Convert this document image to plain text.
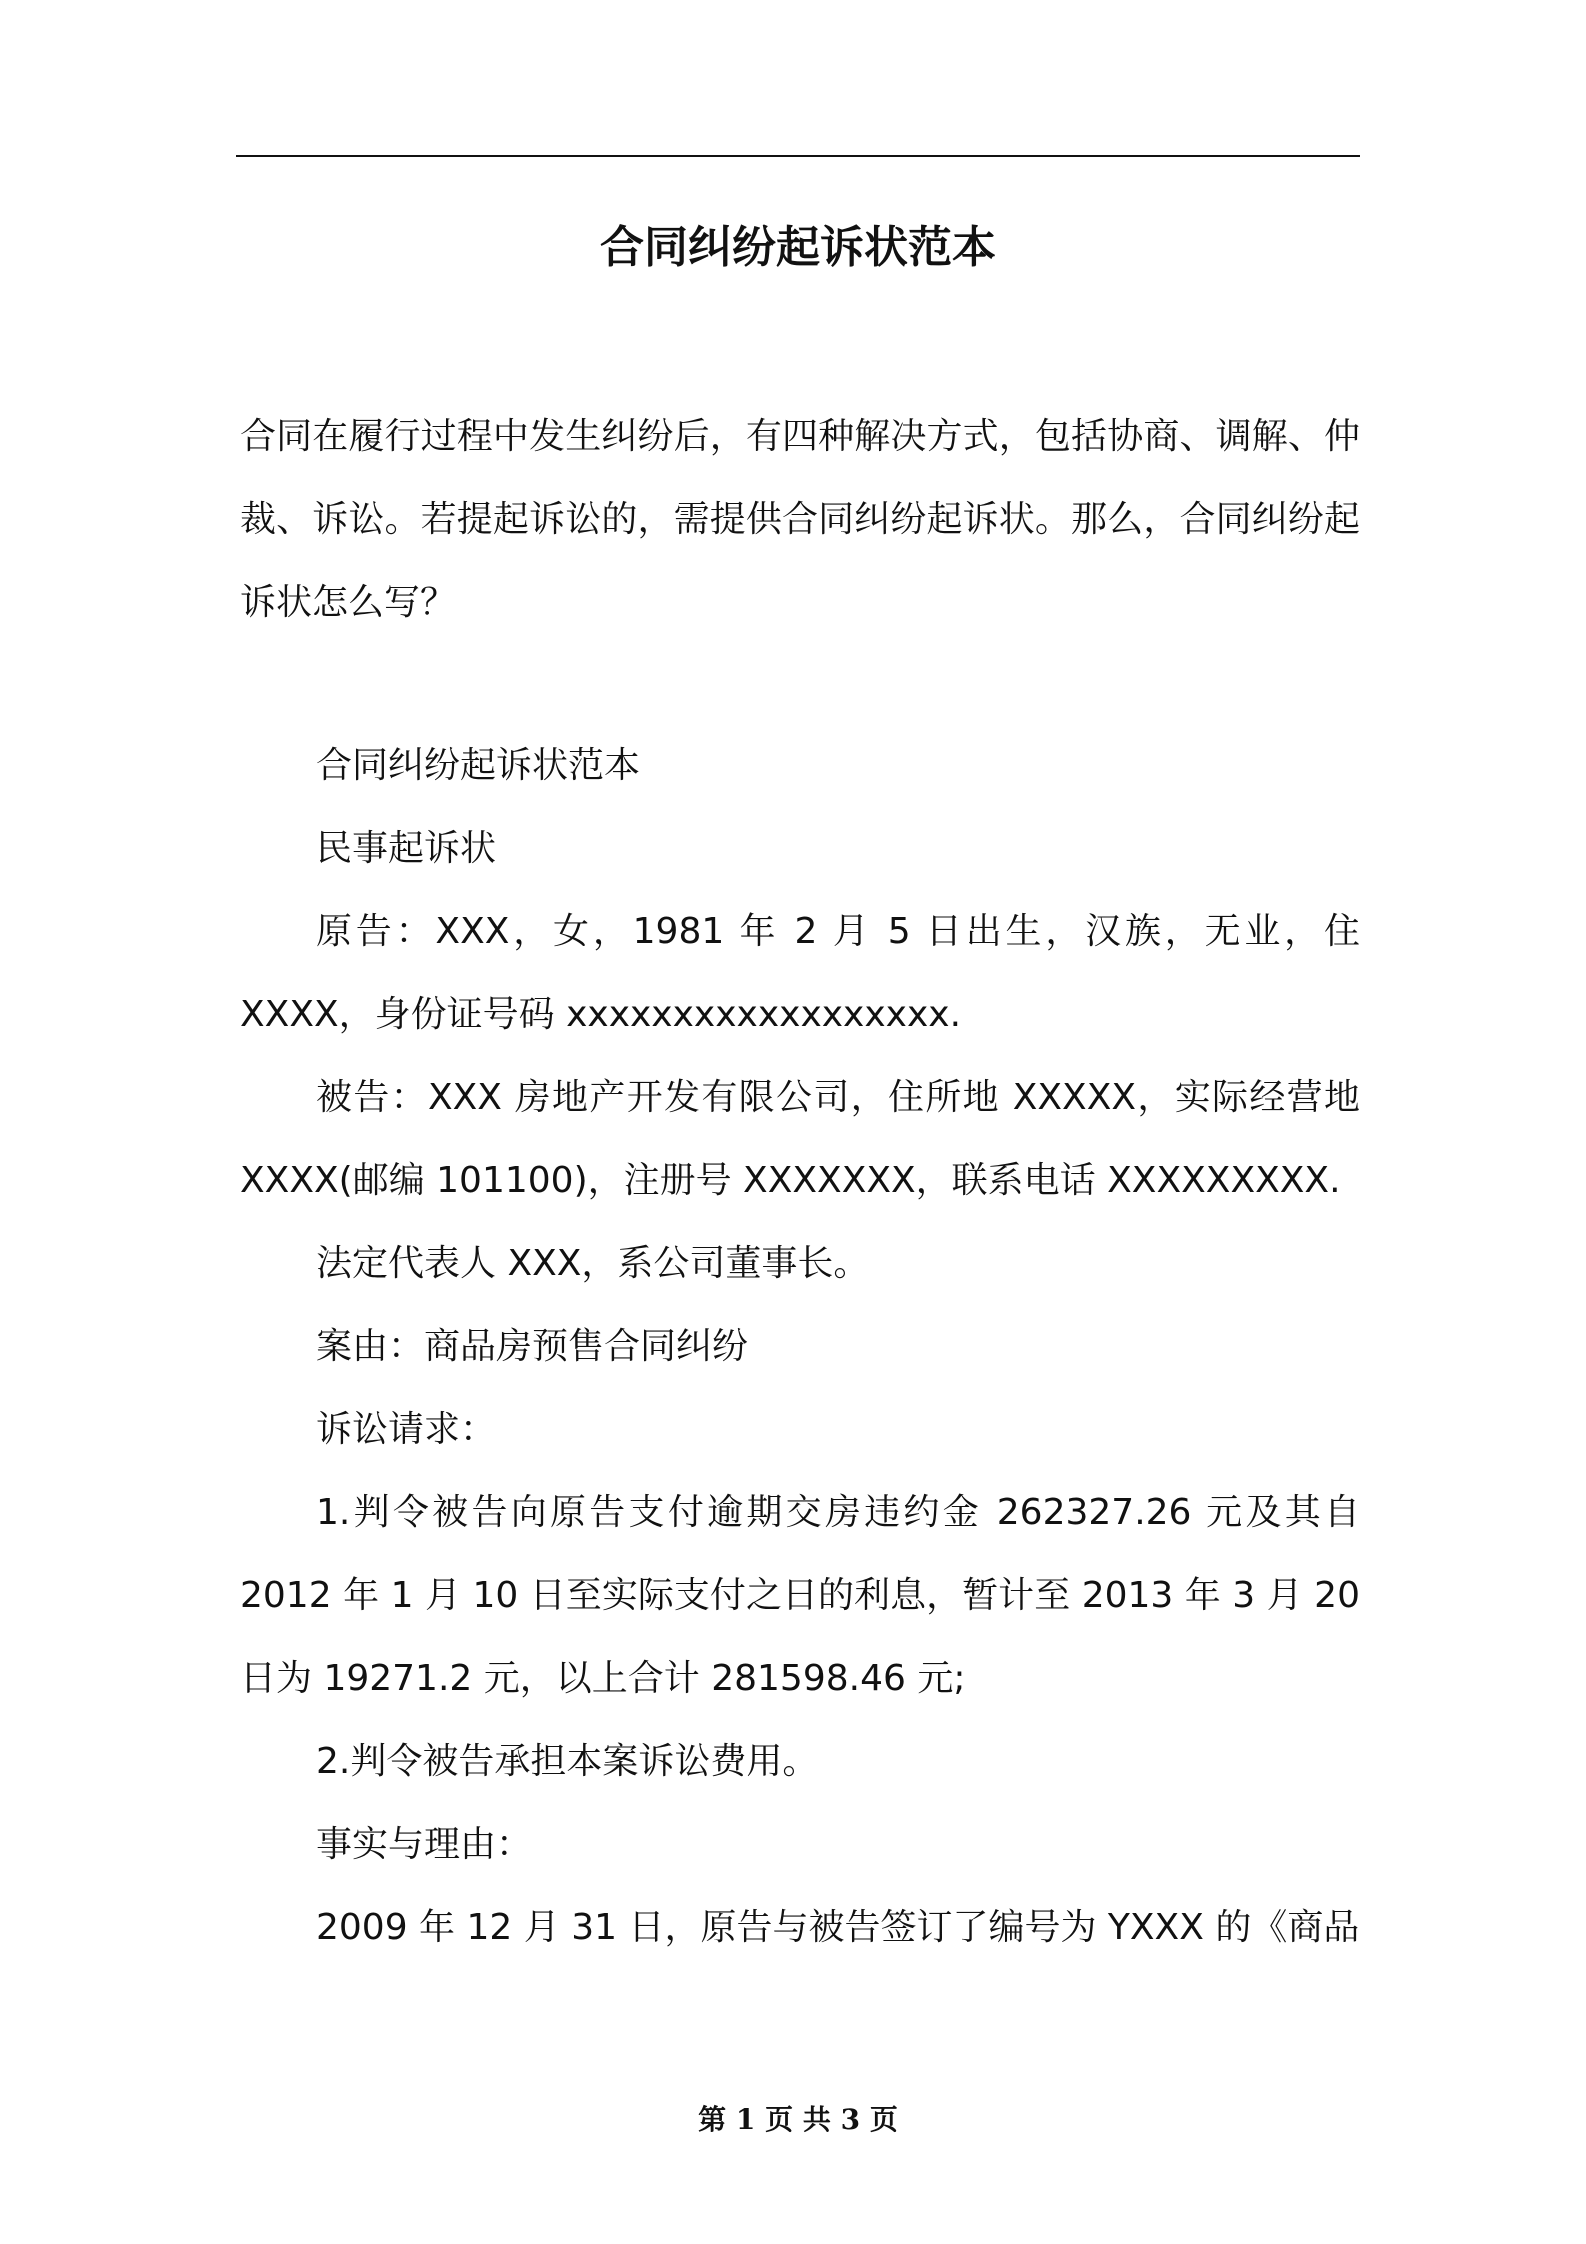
合同纠纷起诉状范本

合同在履行过程中发生纠纷后，有四种解决方式，包括协商、调解、仲裁、诉讼。若提起诉讼的，需提供合同纠纷起诉状。那么，合同纠纷起诉状怎么写？

合同纠纷起诉状范本

民事起诉状

原告：XXX，女，1981 年 2 月 5 日出生，汉族，无业，住 XXXX，身份证号码 xxxxxxxxxxxxxxxxxx.

被告：XXX 房地产开发有限公司，住所地 XXXXX，实际经营地 XXXX(邮编 101100)，注册号 XXXXXXX，联系电话 XXXXXXXXX.

法定代表人 XXX，系公司董事长。

案由：商品房预售合同纠纷

诉讼请求：

1.判令被告向原告支付逾期交房违约金 262327.26 元及其自 2012 年 1 月 10 日至实际支付之日的利息，暂计至 2013 年 3 月 20 日为 19271.2 元，以上合计 281598.46 元;

2.判令被告承担本案诉讼费用。

事实与理由：

2009 年 12 月 31 日，原告与被告签订了编号为 YXXX 的《商品

第 1 页 共 3 页
